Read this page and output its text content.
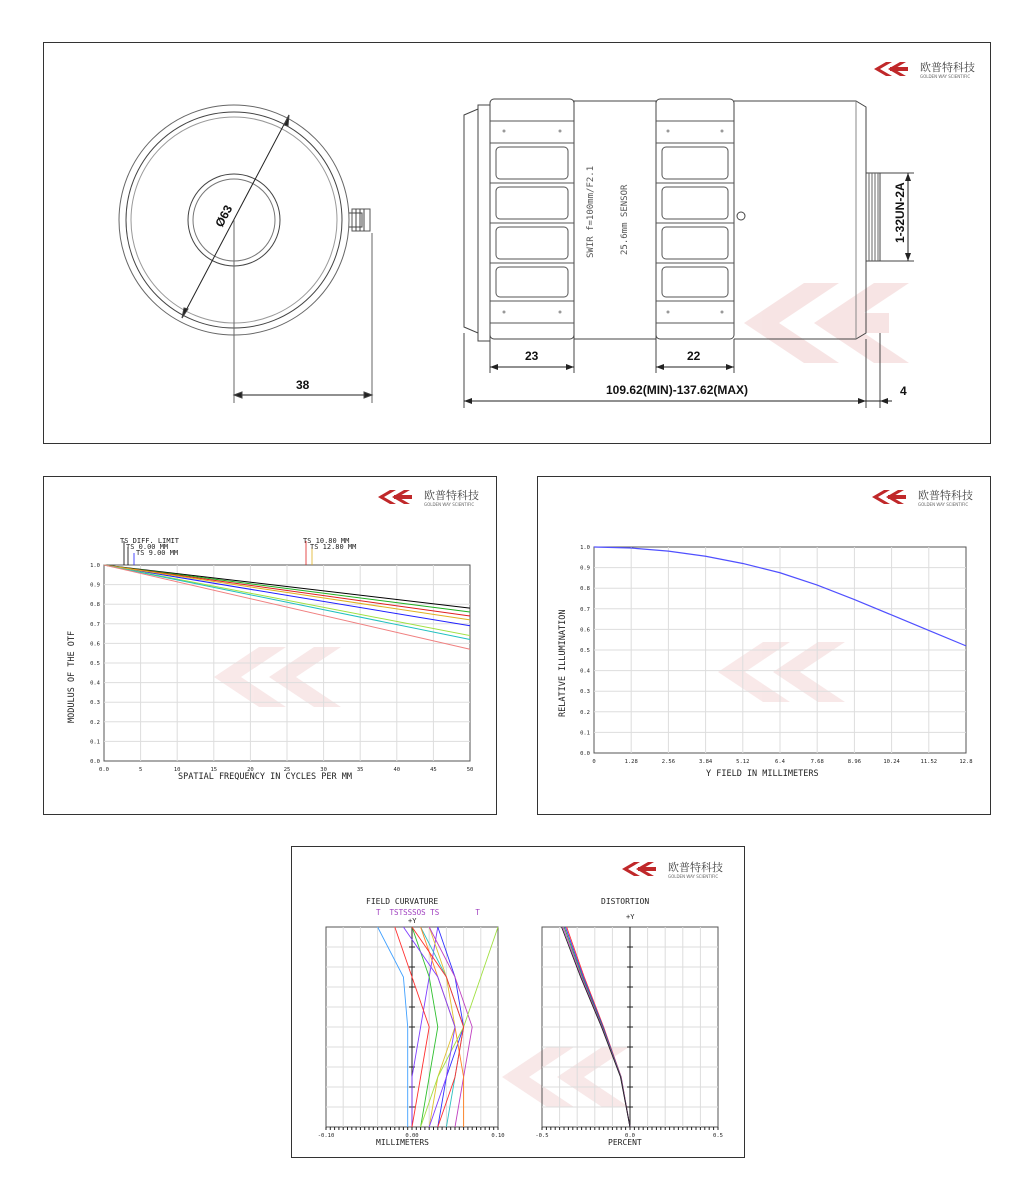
Ø63
38
SWIR f=100mm/F2.1	25.6mm SENSOR
23	22
109.62(MIN)-137.62(MAX)	4
1-32UN-2A
欧普特科技
GOLDEN WAY SCIENTIFIC
0.0	5	10	15	20	25	30	35	40	45	50
0.0
0.1
0.2
0.3
0.4
0.5
0.6
0.7
0.8
0.9
1.0
TS DIFF. LIMIT
TS 0.00 MM
TS 9.00 MM
TS 10.80 MM
TS 12.80 MM
SPATIAL FREQUENCY IN CYCLES PER MM
MODULUS OF THE OTF
欧普特科技
GOLDEN WAY SCIENTIFIC
0	1.28	2.56	3.84	5.12	6.4	7.68	8.96	10.24	11.52	12.8
0.0
0.1
0.2
0.3
0.4
0.5
0.6
0.7
0.8
0.9
1.0
Y FIELD IN MILLIMETERS
RELATIVE ILLUMINATION
欧普特科技
GOLDEN WAY SCIENTIFIC
-0.10	0.00	0.10	-0.5	0.0	0.5
FIELD CURVATURE
T  TSTSSSOS TS        T
+Y
MILLIMETERS
DISTORTION
+Y
PERCENT
欧普特科技
GOLDEN WAY SCIENTIFIC
